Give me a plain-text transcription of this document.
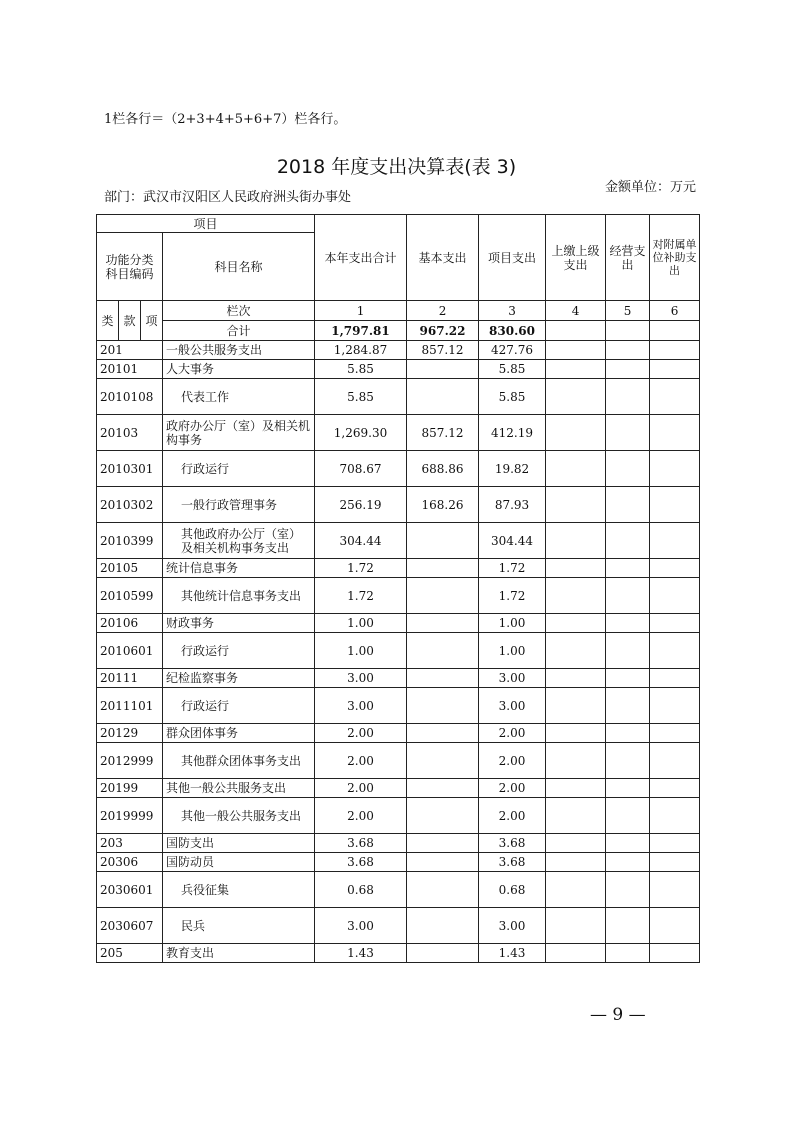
1栏各行＝（2+3+4+5+6+7）栏各行。
2018 年度支出决算表(表 3)
部门：武汉市汉阳区人民政府洲头街办事处
金额单位：万元
项目				本年支出合计	基本支出	项目支出	上缴上级支出	经营支出	对附属单位补助支出
功能分类科目编码			科目名称						
类	款	项	栏次	1	2	3	4	5	6
			合计	1,797.81	967.22	830.60			
201			一般公共服务支出	1,284.87	857.12	427.76			
20101			人大事务	5.85		5.85			
2010108			代表工作	5.85		5.85			
20103			政府办公厅（室）及相关机构事务	1,269.30	857.12	412.19			
2010301			行政运行	708.67	688.86	19.82			
2010302			一般行政管理事务	256.19	168.26	87.93			
2010399			其他政府办公厅（室）及相关机构事务支出	304.44		304.44			
20105			统计信息事务	1.72		1.72			
2010599			其他统计信息事务支出	1.72		1.72			
20106			财政事务	1.00		1.00			
2010601			行政运行	1.00		1.00			
20111			纪检监察事务	3.00		3.00			
2011101			行政运行	3.00		3.00			
20129			群众团体事务	2.00		2.00			
2012999			其他群众团体事务支出	2.00		2.00			
20199			其他一般公共服务支出	2.00		2.00			
2019999			其他一般公共服务支出	2.00		2.00			
203			国防支出	3.68		3.68			
20306			国防动员	3.68		3.68			
2030601			兵役征集	0.68		0.68			
2030607			民兵	3.00		3.00			
205			教育支出	1.43		1.43			
— 9 —
